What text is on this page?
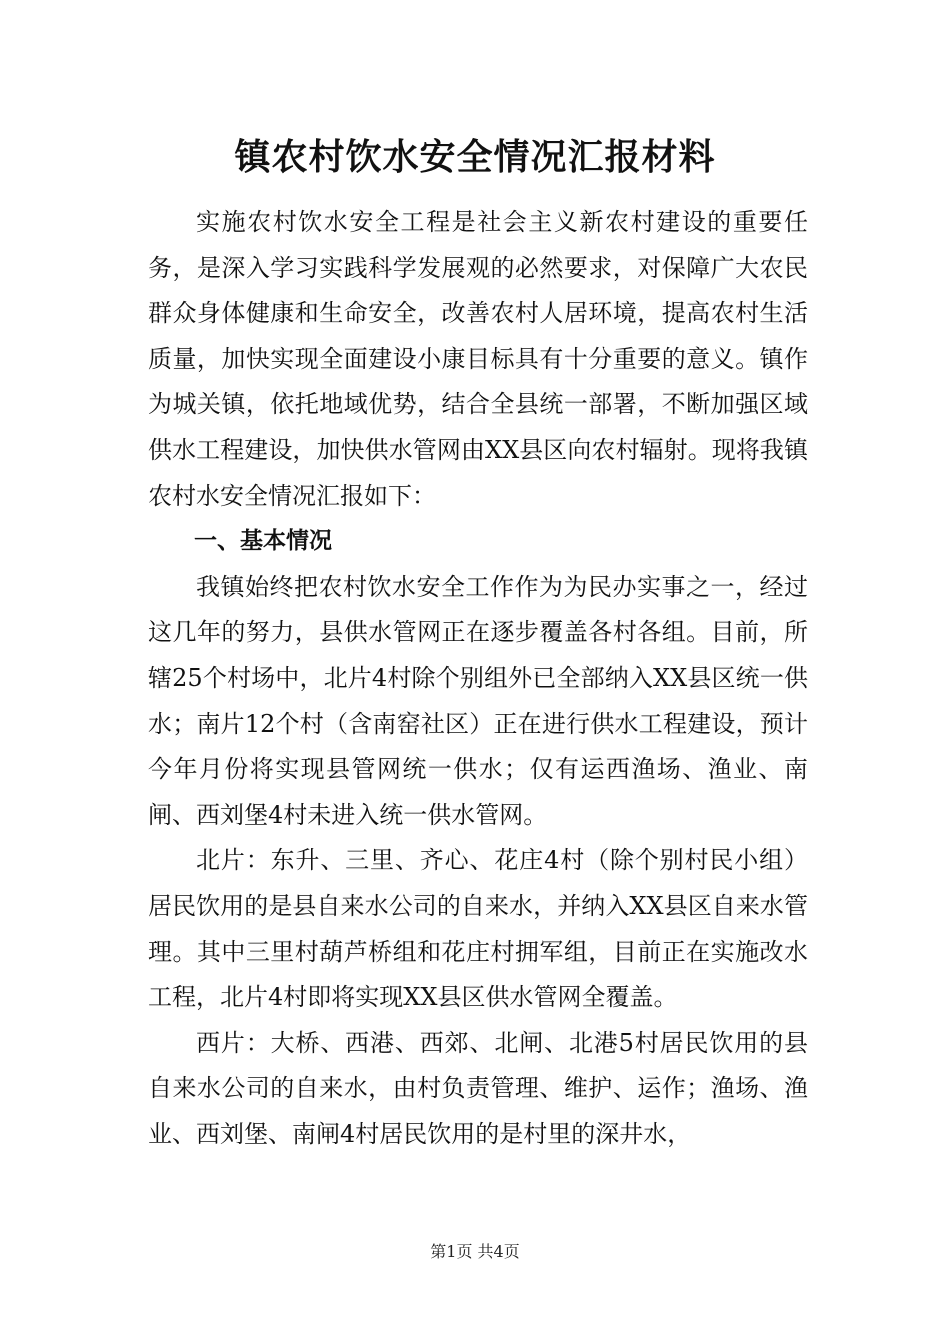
镇农村饮水安全情况汇报材料

实施农村饮水安全工程是社会主义新农村建设的重要任务，是深入学习实践科学发展观的必然要求，对保障广大农民群众身体健康和生命安全，改善农村人居环境，提高农村生活质量，加快实现全面建设小康目标具有十分重要的意义。镇作为城关镇，依托地域优势，结合全县统一部署，不断加强区域供水工程建设，加快供水管网由XX县区向农村辐射。现将我镇农村水安全情况汇报如下：

一、基本情况

我镇始终把农村饮水安全工作作为为民办实事之一，经过这几年的努力，县供水管网正在逐步覆盖各村各组。目前，所辖25个村场中，北片4村除个别组外已全部纳入XX县区统一供水；南片12个村（含南窑社区）正在进行供水工程建设，预计今年月份将实现县管网统一供水；仅有运西渔场、渔业、南闸、西刘堡4村未进入统一供水管网。

北片：东升、三里、齐心、花庄4村（除个别村民小组）居民饮用的是县自来水公司的自来水，并纳入XX县区自来水管理。其中三里村葫芦桥组和花庄村拥军组，目前正在实施改水工程，北片4村即将实现XX县区供水管网全覆盖。

西片：大桥、西港、西郊、北闸、北港5村居民饮用的县自来水公司的自来水，由村负责管理、维护、运作；渔场、渔业、西刘堡、南闸4村居民饮用的是村里的深井水，

第1页 共4页
